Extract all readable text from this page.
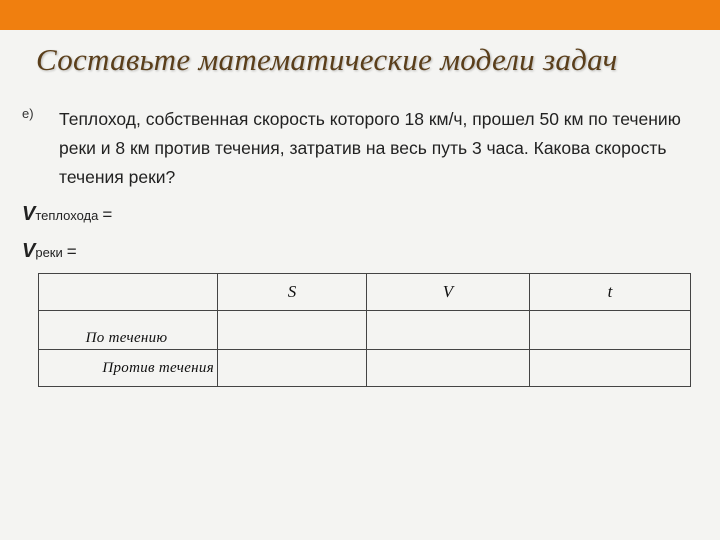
Составьте математические модели задач
e) Теплоход, собственная скорость которого 18 км/ч, прошел 50 км по течению реки и 8 км против течения, затратив на весь путь 3 часа. Какова скорость течения реки?
Vтеплохода =
Vреки =
	S	V	t
По течению			
Против течения			
